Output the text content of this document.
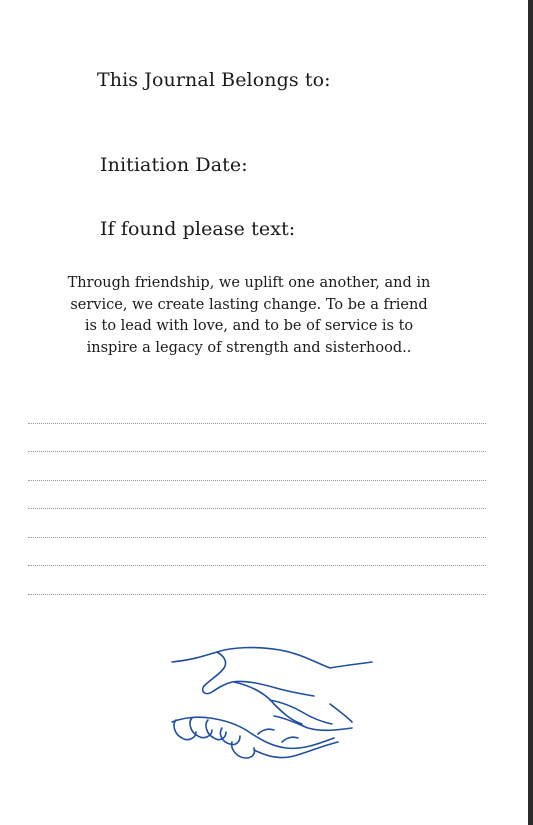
This Journal Belongs to:
Initiation Date:
If found please text:
Through friendship, we uplift one another, and in service, we create lasting change. To be a friend is to lead with love, and to be of service is to inspire a legacy of strength and sisterhood..
